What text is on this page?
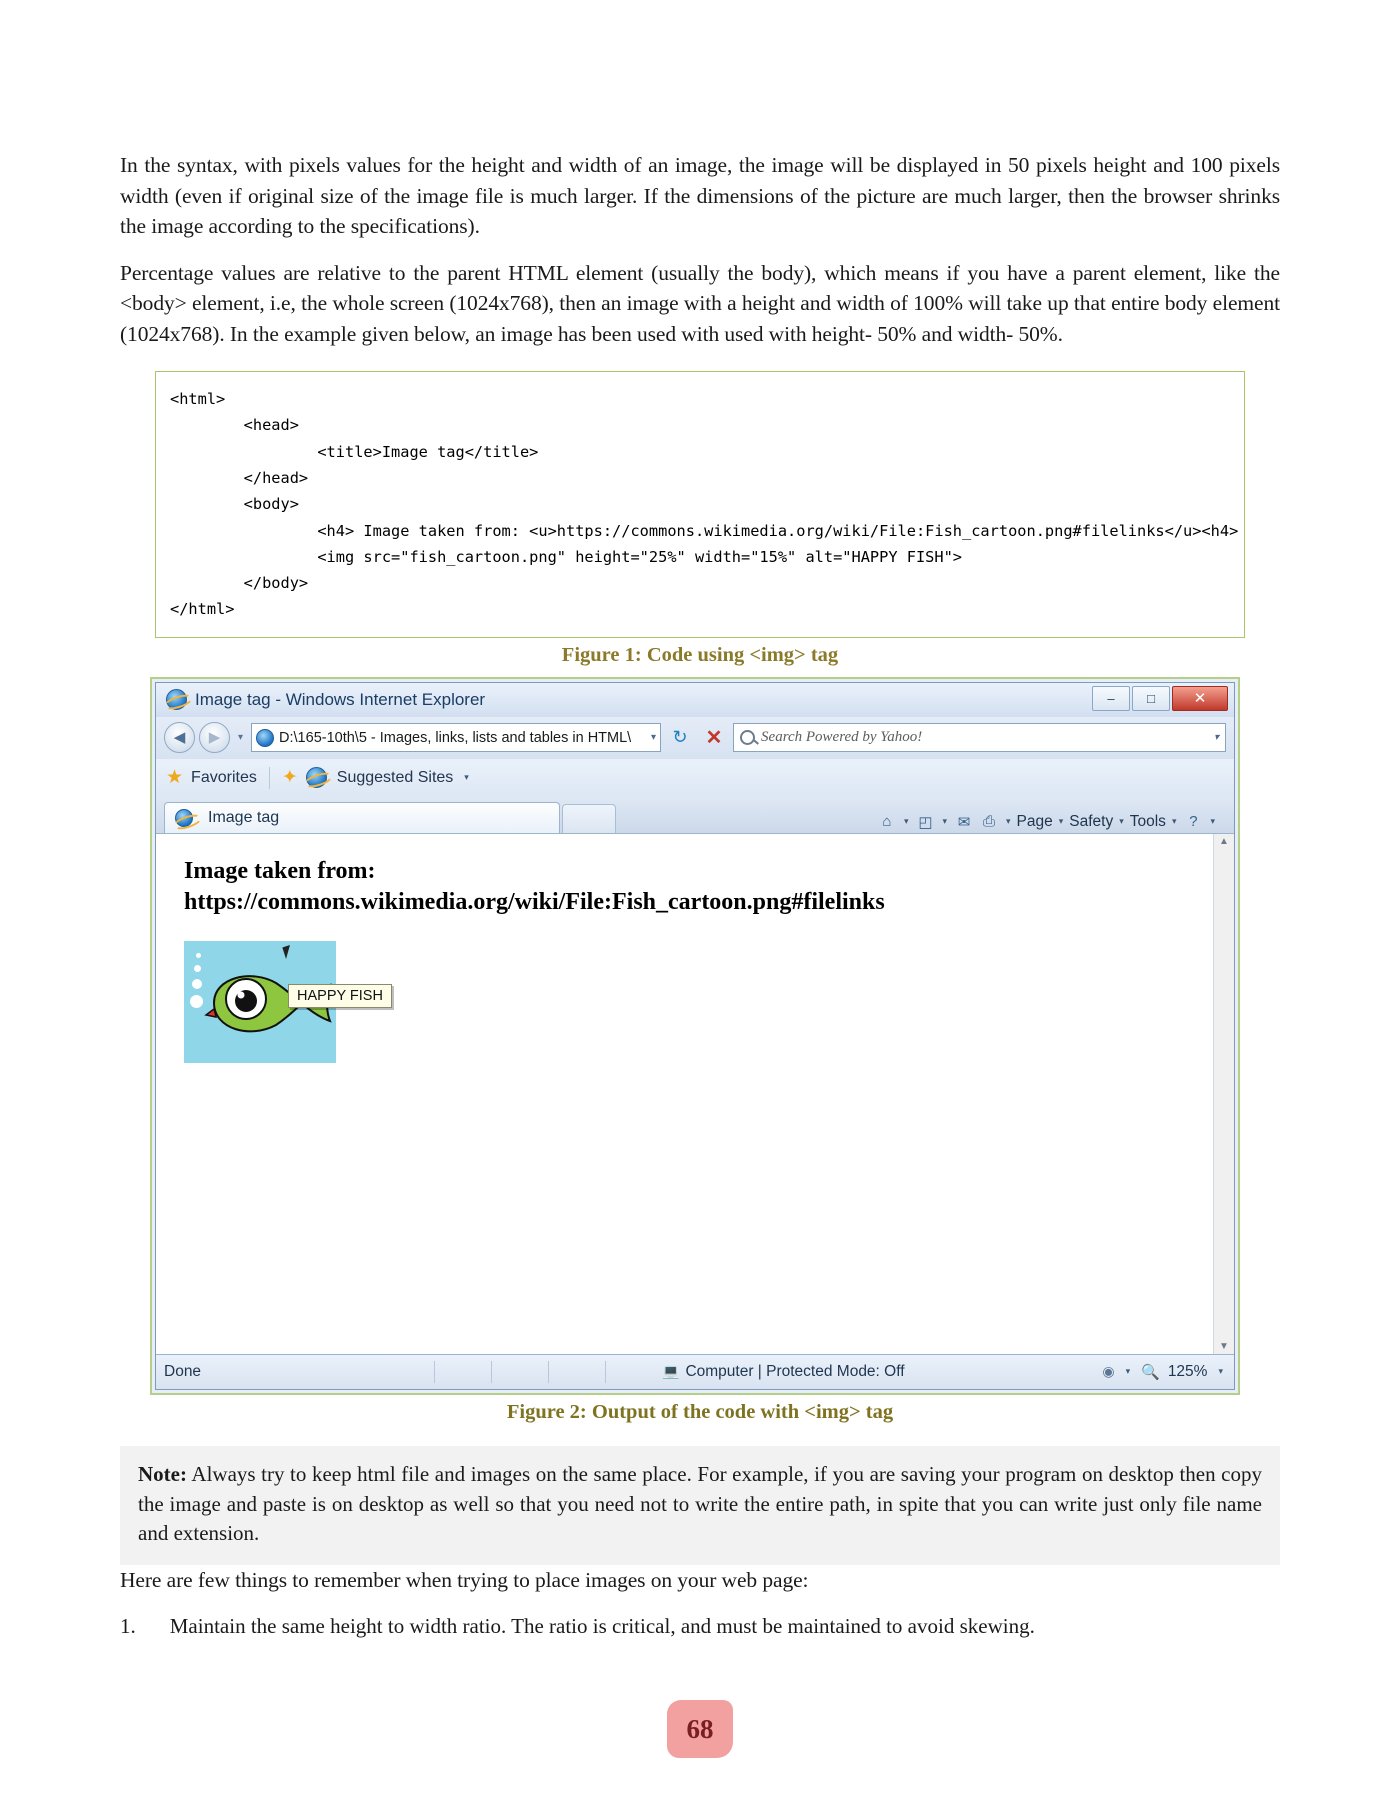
In the syntax, with pixels values for the height and width of an image, the image will be displayed in 50 pixels height and 100 pixels width (even if original size of the image file is much larger. If the dimensions of the picture are much larger, then the browser shrinks the image according to the specifications).

Percentage values are relative to the parent HTML element (usually the body), which means if you have a parent element, like the <body> element, i.e, the whole screen (1024x768), then an image with a height and width of 100% will take up that entire body element (1024x768). In the example given below, an image has been used with used with height- 50% and width- 50%.

<html>
<head>
<title>Image tag</title>
</head>
<body>
<h4> Image taken from: <u>https://commons.wikimedia.org/wiki/File:Fish_cartoon.png#filelinks</u><h4>
<img src="fish_cartoon.png" height="25%" width="15%" alt="HAPPY FISH">
</body>
</html>
Figure 1: Code using <img> tag
Image tag - Windows Internet Explorer	–	□	✕
◀	▶	▾ D:\165-10th\5 - Images, links, lists and tables in HTML\ ▾ ↻ ✕	Search Powered by Yahoo!	▾
★ Favorites ✦ Suggested Sites	▾
Image tag	⌂	▾ ◰	▾ ✉ ⎙	▾ Page ▾ Safety ▾ Tools ▾ ?	▾
Image taken from:
https://commons.wikimedia.org/wiki/File:Fish_cartoon.png#filelinks
HAPPY FISH
▲
▼
Done	💻 Computer | Protected Mode: Off	◉	▾ 🔍 125%	▾
Figure 2: Output of the code with <img> tag
Note: Always try to keep html file and images on the same place. For example, if you are saving your program on desktop then copy the image and paste is on desktop as well so that you need not to write the entire path, in spite that you can write just only file name and extension.

Here are few things to remember when trying to place images on your web page:

1. Maintain the same height to width ratio. The ratio is critical, and must be maintained to avoid skewing.
68
